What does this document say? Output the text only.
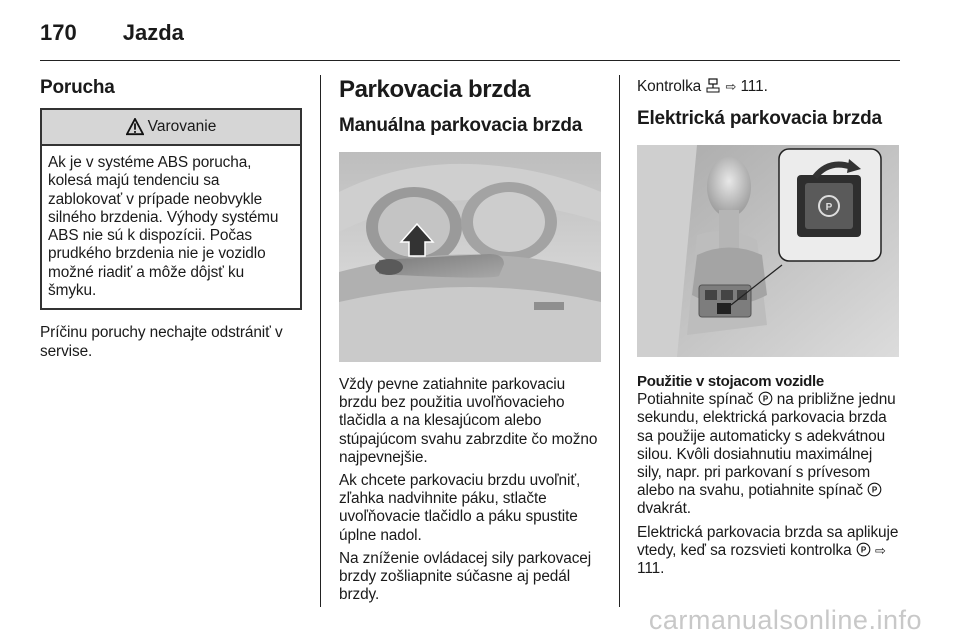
170 Jazda
Porucha
Varovanie
Ak je v systéme ABS porucha, kolesá majú tendenciu sa zablokovať v prípade neobvykle silného brzdenia. Výhody systému ABS nie sú k dispozícii. Počas prudkého brzdenia nie je vozidlo možné riadiť a môže dôjsť ku šmyku.
Príčinu poruchy nechajte odstrániť v servise.
Parkovacia brzda
Manuálna parkovacia brzda
Vždy pevne zatiahnite parkovaciu brzdu bez použitia uvoľňovacieho tlačidla a na klesajúcom alebo stúpajúcom svahu zabrzdite čo možno najpevnejšie.
Ak chcete parkovaciu brzdu uvoľniť, zľahka nadvihnite páku, stlačte uvoľňovacie tlačidlo a páku spustite úplne nadol.
Na zníženie ovládacej sily parkovacej brzdy zošliapnite súčasne aj pedál brzdy.
Kontrolka ⇨ 111.
Elektrická parkovacia brzda
P
Použitie v stojacom vozidle
Potiahnite spínač P na približne jednu sekundu, elektrická parkovacia brzda sa použije automaticky s adekvátnou silou. Kvôli dosiahnutiu maximálnej sily, napr. pri parkovaní s prívesom alebo na svahu, potiahnite spínač P
dvakrát.
Elektrická parkovacia brzda sa aplikuje vtedy, keď sa rozsvieti kontrolka P ⇨ 111.
carmanualsonline.info
